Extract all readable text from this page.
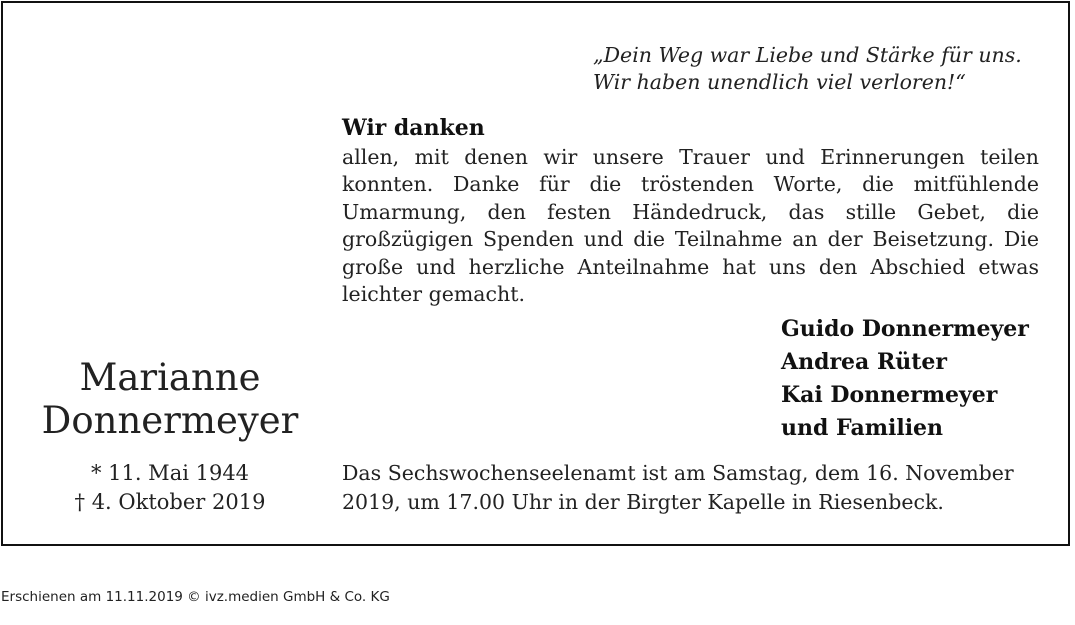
Marianne
Donnermeyer
* 11. Mai 1944
† 4. Oktober 2019
„Dein Weg war Liebe und Stärke für uns.
Wir haben unendlich viel verloren!“
Wir danken
allen, mit denen wir unsere Trauer und Erinnerungen teilen konnten. Danke für die tröstenden Worte, die mitfühlende Umarmung, den festen Händedruck, das stille Gebet, die großzügigen Spenden und die Teilnahme an der Beisetzung. Die große und herzliche Anteilnahme hat uns den Abschied etwas leichter gemacht.
Guido Donnermeyer
Andrea Rüter
Kai Donnermeyer
und Familien
Das Sechswochenseelenamt ist am Samstag, dem 16. November 2019, um 17.00 Uhr in der Birgter Kapelle in Riesenbeck.
Erschienen am 11.11.2019 © ivz.medien GmbH & Co. KG
